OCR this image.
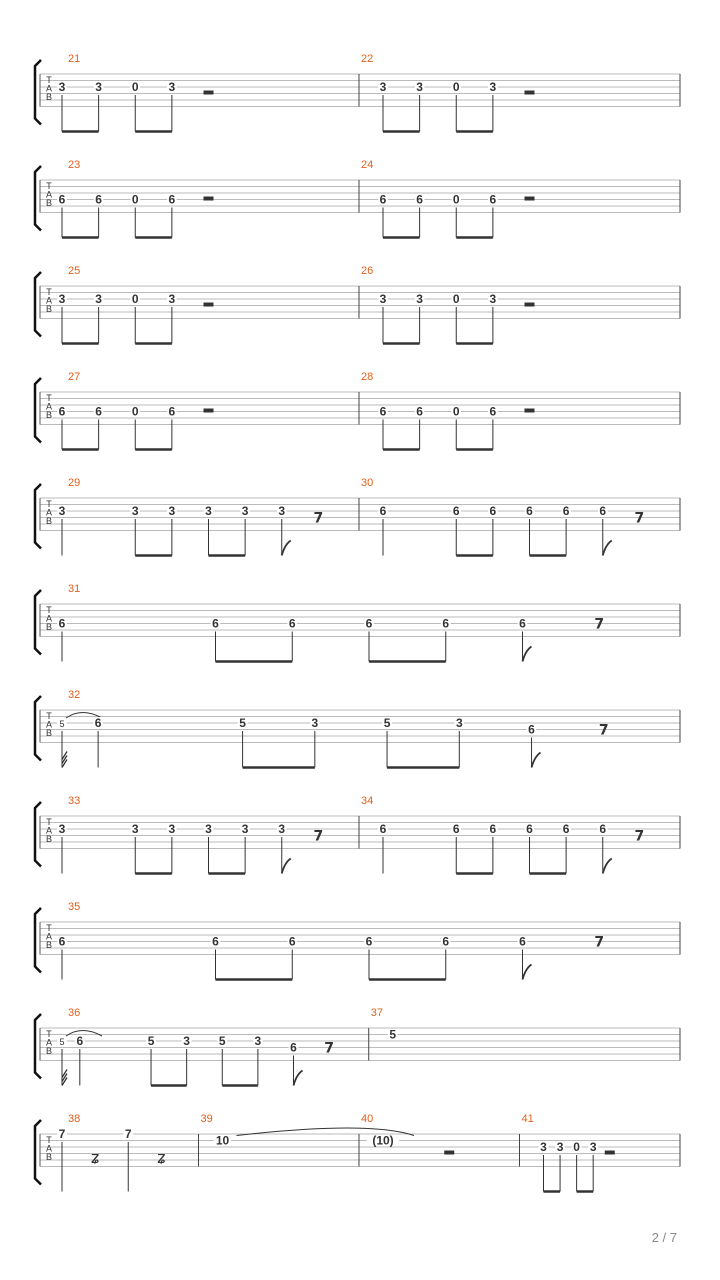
T
A
B
21
3 3 0 3
22
3 3 0 3
T
A
B
23
6 6 0 6
24
6 6 0 6
T
A
B
25
3 3 0 3
26
3 3 0 3
T
A
B
27
6 6 0 6
28
6 6 0 6
T
A
B
29
3	3 3 3 3 3 7
30
6	6 6 6 6 6 7
T
A
B
31
6	6	6	6	6	6	7
T
A
B
32
5	6	5	3	5	3	6	7
T
A
B
33
3	3 3 3 3 3 7
34
6	6 6 6 6 6 7
T
A
B
35
6	6	6	6	6	6	7
T
A
B
36
5 6	5 3 5 3 6 7
37
5
T
A
B
38
7
ʑ
7
ʑ
39
10
40
(10)
41
3 3 0 3
2 / 7
